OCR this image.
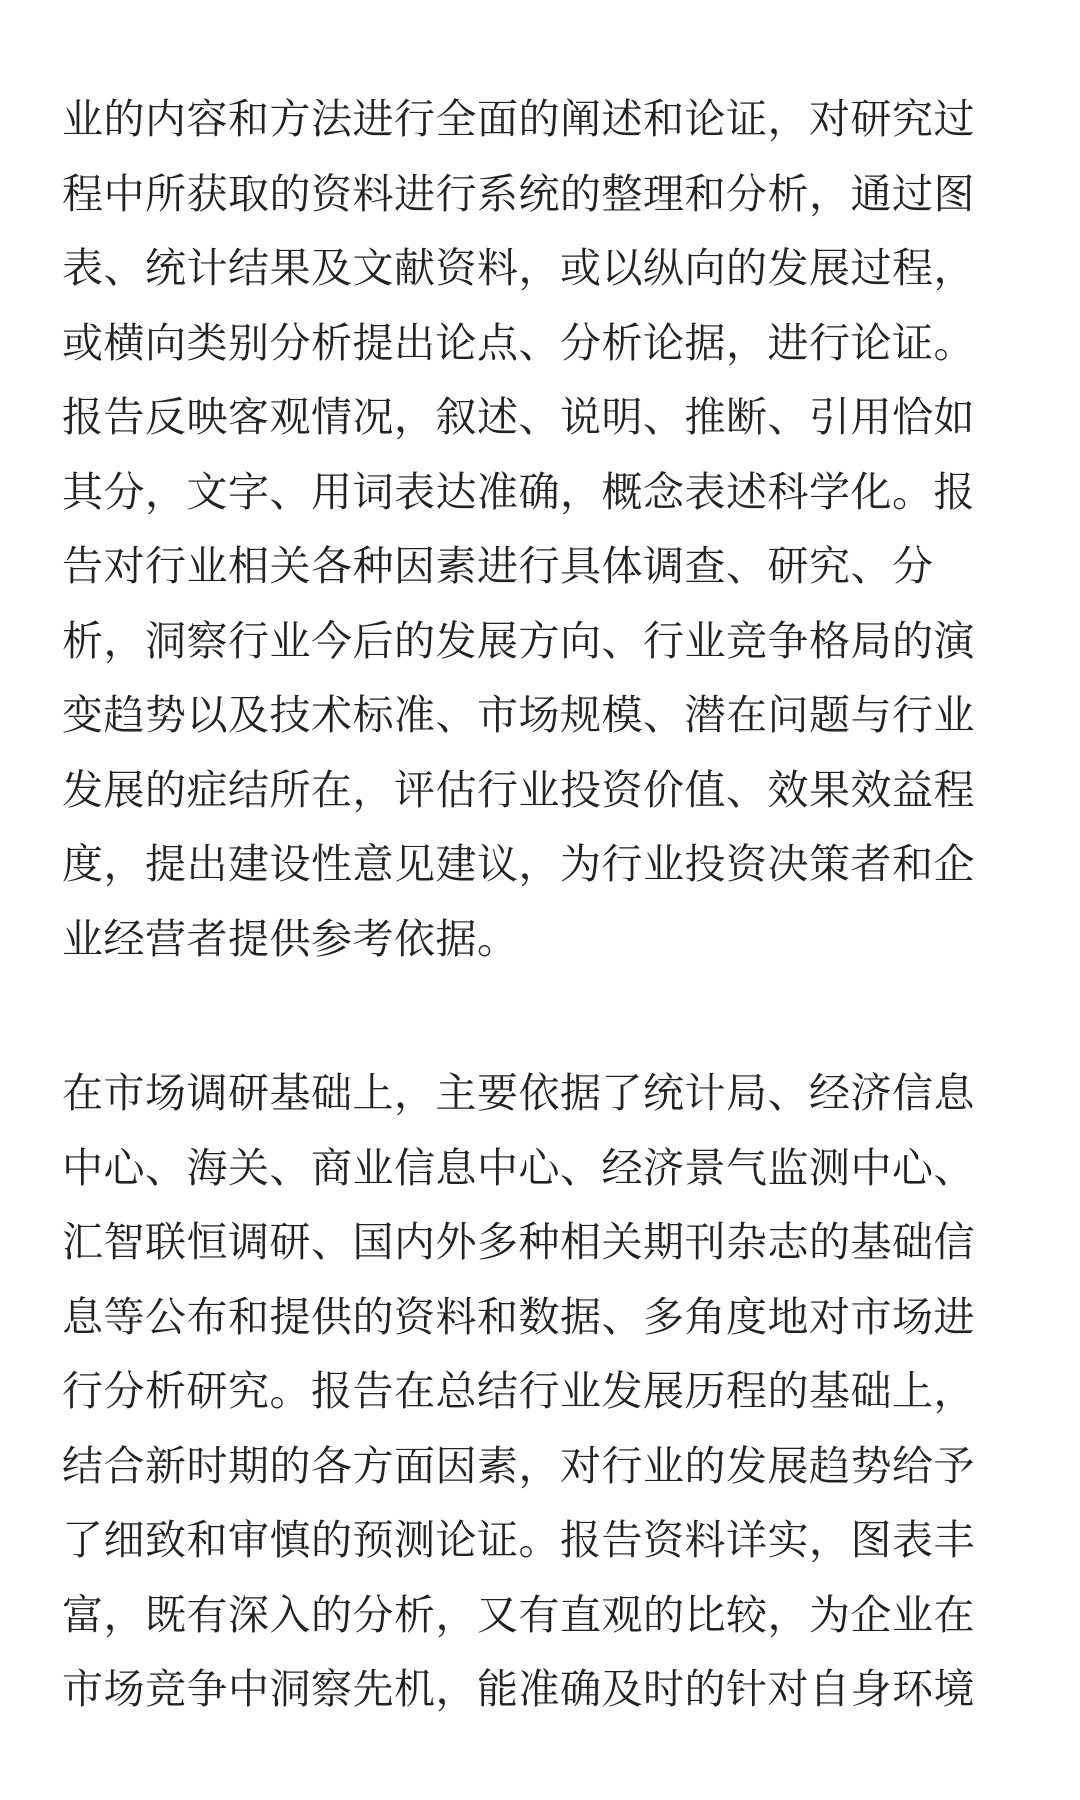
业的内容和方法进行全面的阐述和论证，对研究过
程中所获取的资料进行系统的整理和分析，通过图
表、统计结果及文献资料，或以纵向的发展过程，
或横向类别分析提出论点、分析论据，进行论证。
报告反映客观情况，叙述、说明、推断、引用恰如
其分，文字、用词表达准确，概念表述科学化。报
告对行业相关各种因素进行具体调查、研究、分
析，洞察行业今后的发展方向、行业竞争格局的演
变趋势以及技术标准、市场规模、潜在问题与行业
发展的症结所在，评估行业投资价值、效果效益程
度，提出建设性意见建议，为行业投资决策者和企
业经营者提供参考依据。
在市场调研基础上，主要依据了统计局、经济信息
中心、海关、商业信息中心、经济景气监测中心、
汇智联恒调研、国内外多种相关期刊杂志的基础信
息等公布和提供的资料和数据、多角度地对市场进
行分析研究。报告在总结行业发展历程的基础上，
结合新时期的各方面因素，对行业的发展趋势给予
了细致和审慎的预测论证。报告资料详实，图表丰
富，既有深入的分析，又有直观的比较，为企业在
市场竞争中洞察先机，能准确及时的针对自身环境
